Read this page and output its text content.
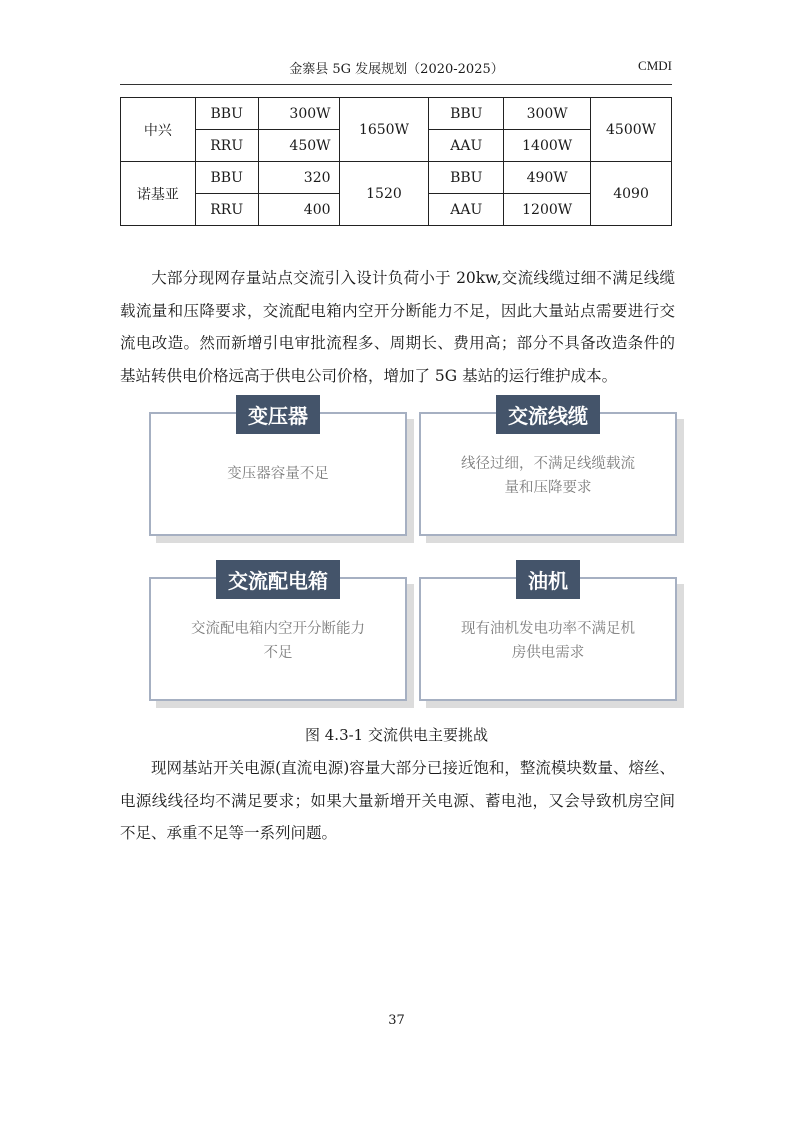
金寨县 5G 发展规划（2020-2025）	CMDI
中兴	BBU	300W	1650W	BBU	300W	4500W
	RRU	450W		AAU	1400W	
诺基亚	BBU	320	1520	BBU	490W	4090
	RRU	400		AAU	1200W	

大部分现网存量站点交流引入设计负荷小于 20kw,交流线缆过细不满足线缆载流量和压降要求，交流配电箱内空开分断能力不足，因此大量站点需要进行交流电改造。然而新增引电审批流程多、周期长、费用高；部分不具备改造条件的基站转供电价格远高于供电公司价格，增加了 5G 基站的运行维护成本。

变压器
变压器容量不足
交流线缆
线径过细，不满足线缆载流
量和压降要求
交流配电箱
交流配电箱内空开分断能力
不足
油机
现有油机发电功率不满足机
房供电需求
图 4.3-1 交流供电主要挑战

现网基站开关电源(直流电源)容量大部分已接近饱和，整流模块数量、熔丝、电源线线径均不满足要求；如果大量新增开关电源、蓄电池，又会导致机房空间不足、承重不足等一系列问题。

37
